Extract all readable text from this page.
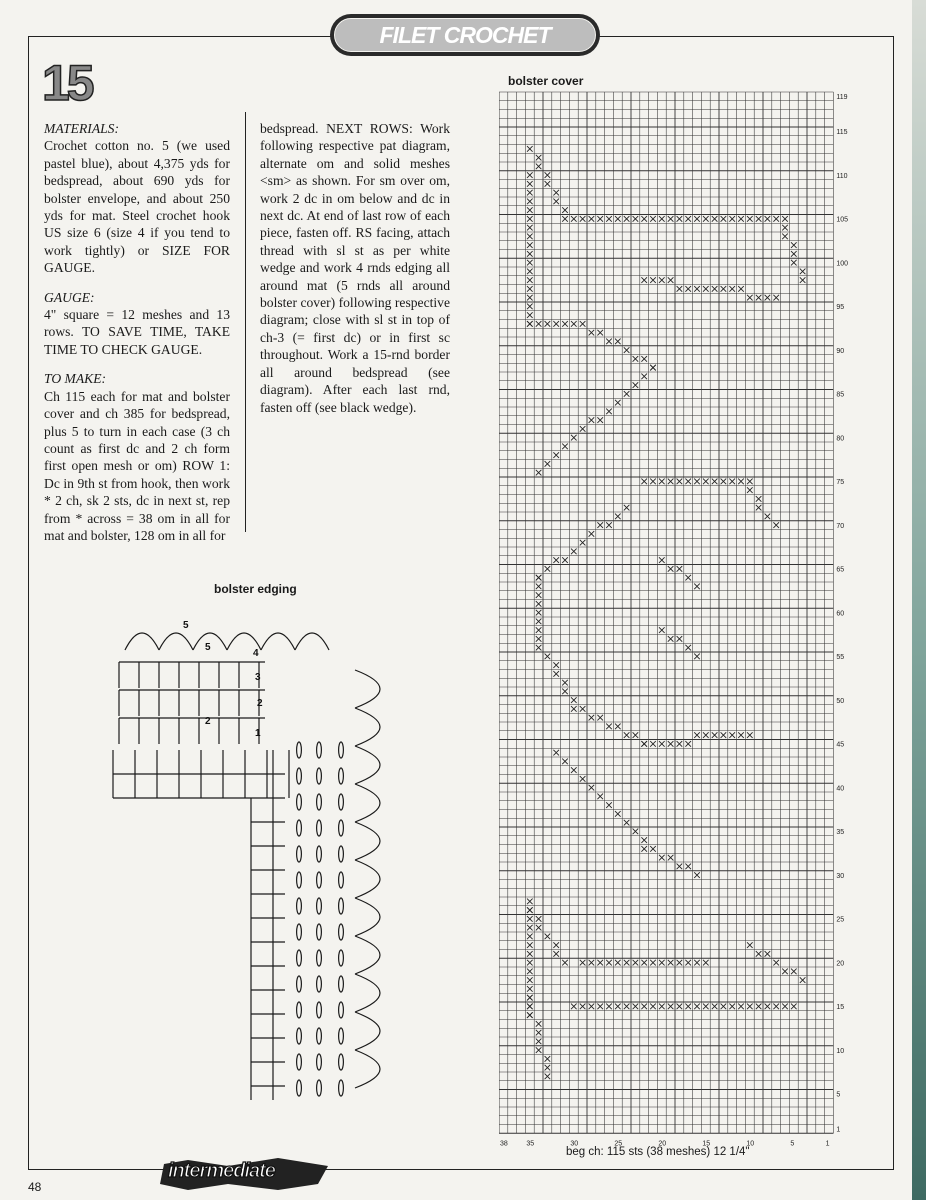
FILET CROCHET
15

MATERIALS:
Crochet cotton no. 5 (we used pastel blue), about 4,375 yds for bedspread, about 690 yds for bolster envelope, and about 250 yds for mat. Steel crochet hook US size 6 (size 4 if you tend to work tightly) or SIZE FOR GAUGE.

GAUGE:
4" square = 12 meshes and 13 rows. TO SAVE TIME, TAKE TIME TO CHECK GAUGE.

TO MAKE:
Ch 115 each for mat and bolster cover and ch 385 for bedspread, plus 5 to turn in each case (3 ch count as first dc and 2 ch form first open mesh or om) ROW 1: Dc in 9th st from hook, then work * 2 ch, sk 2 sts, dc in next st, rep from * across = 38 om in all for mat and bolster, 128 om in all for

bedspread. NEXT ROWS: Work following respective pat diagram, alternate om and solid meshes <sm> as shown. For sm over om, work 2 dc in om below and dc in next dc. At end of last row of each piece, fasten off. RS facing, attach thread with sl st as per white wedge and work 4 rnds edging all around mat (5 rnds all around bolster cover) following respective diagram; close with sl st in top of ch-3 (= first dc) or in first sc throughout. Work a 15-rnd border all around bedspread (see diagram). After each last rnd, fasten off (see black wedge).

bolster cover
119
115
110
105
100
95
90
85
80
75
70
65
60
55
50
45
40
35
30
25
20
15
10
5
1
38	35	30	25	20	15	10	5	1
bolster edging
5
5
4
3
2
2
1
beg ch: 115 sts (38 meshes) 12 1/4"
intermediate
48
